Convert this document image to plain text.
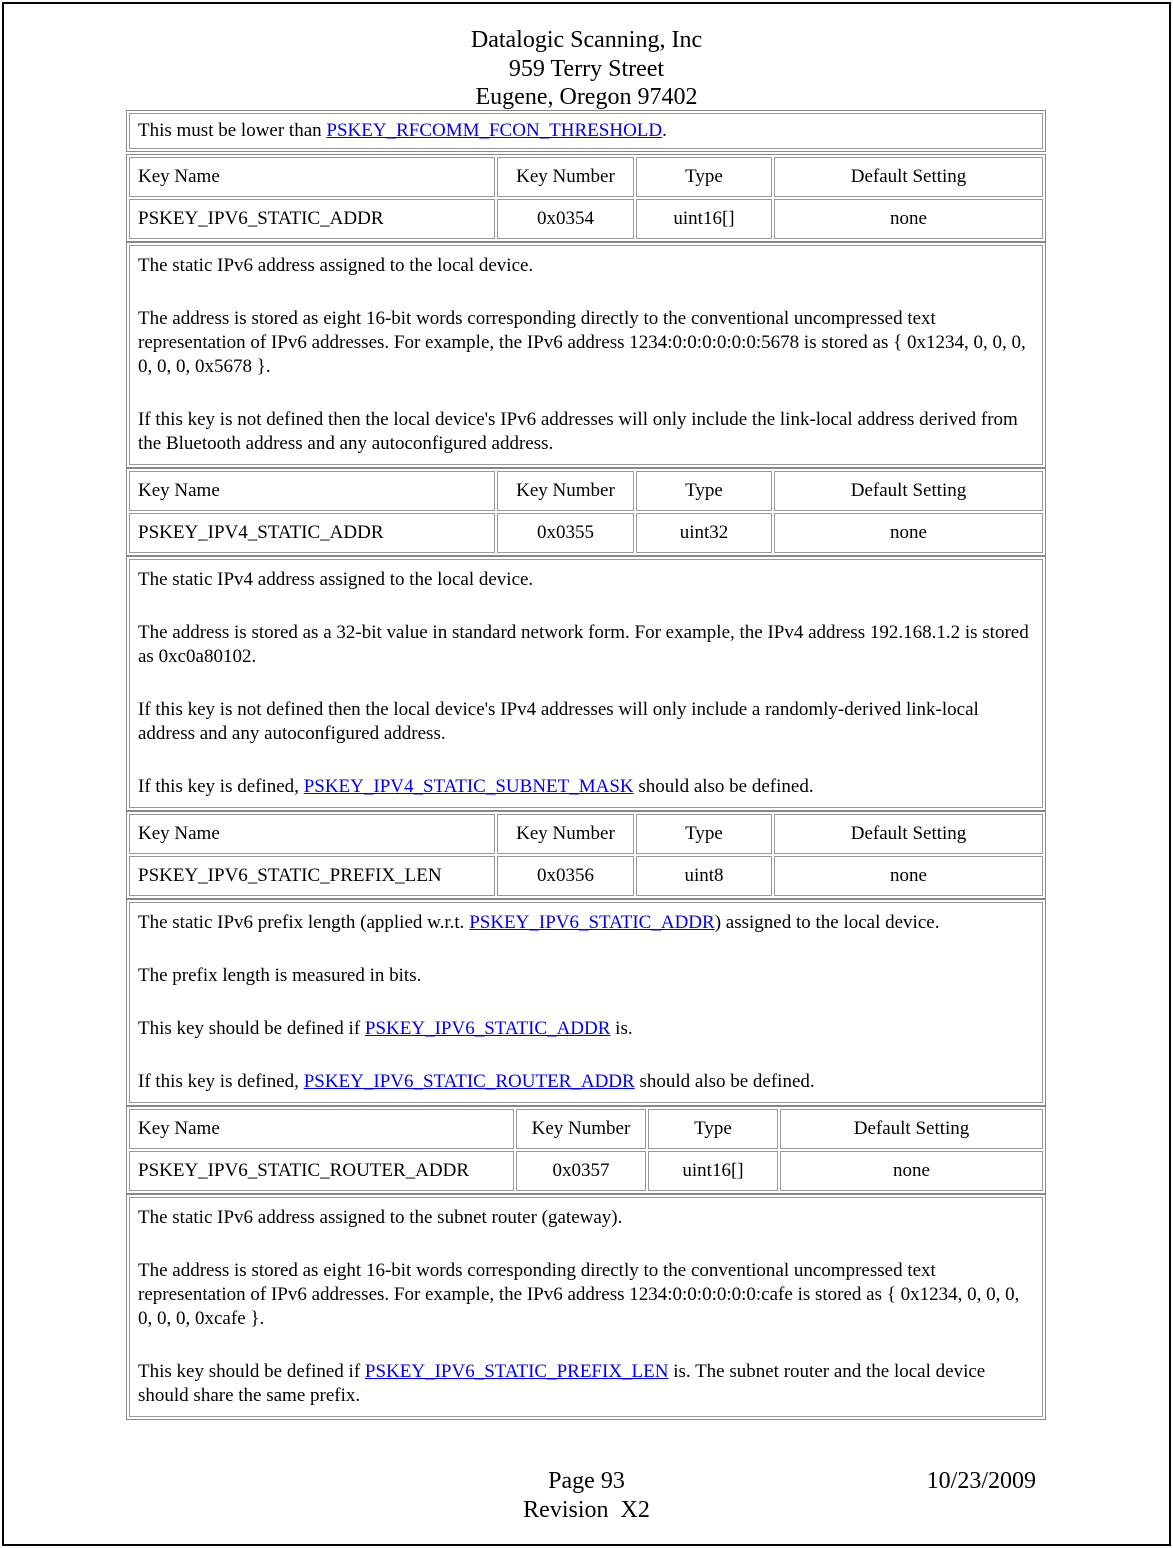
Datalogic Scanning, Inc
959 Terry Street
Eugene, Oregon 97402
This must be lower than PSKEY_RFCOMM_FCON_THRESHOLD.
Key Name	Key Number	Type	Default Setting
PSKEY_IPV6_STATIC_ADDR	0x0354	uint16[]	none

The static IPv6 address assigned to the local device.

The address is stored as eight 16-bit words corresponding directly to the conventional uncompressed text representation of IPv6 addresses. For example, the IPv6 address 1234:0:0:0:0:0:0:5678 is stored as { 0x1234, 0, 0, 0, 0, 0, 0, 0x5678 }.

If this key is not defined then the local device's IPv6 addresses will only include the link-local address derived from the Bluetooth address and any autoconfigured address.

Key Name	Key Number	Type	Default Setting
PSKEY_IPV4_STATIC_ADDR	0x0355	uint32	none

The static IPv4 address assigned to the local device.

The address is stored as a 32-bit value in standard network form. For example, the IPv4 address 192.168.1.2 is stored as 0xc0a80102.

If this key is not defined then the local device's IPv4 addresses will only include a randomly-derived link-local address and any autoconfigured address.

If this key is defined, PSKEY_IPV4_STATIC_SUBNET_MASK should also be defined.

Key Name	Key Number	Type	Default Setting
PSKEY_IPV6_STATIC_PREFIX_LEN	0x0356	uint8	none

The static IPv6 prefix length (applied w.r.t. PSKEY_IPV6_STATIC_ADDR) assigned to the local device.

The prefix length is measured in bits.

This key should be defined if PSKEY_IPV6_STATIC_ADDR is.

If this key is defined, PSKEY_IPV6_STATIC_ROUTER_ADDR should also be defined.

Key Name	Key Number	Type	Default Setting
PSKEY_IPV6_STATIC_ROUTER_ADDR	0x0357	uint16[]	none

The static IPv6 address assigned to the subnet router (gateway).

The address is stored as eight 16-bit words corresponding directly to the conventional uncompressed text representation of IPv6 addresses. For example, the IPv6 address 1234:0:0:0:0:0:0:cafe is stored as { 0x1234, 0, 0, 0, 0, 0, 0, 0xcafe }.

This key should be defined if PSKEY_IPV6_STATIC_PREFIX_LEN is. The subnet router and the local device should share the same prefix.

Page 93
Revision  X2
10/23/2009
